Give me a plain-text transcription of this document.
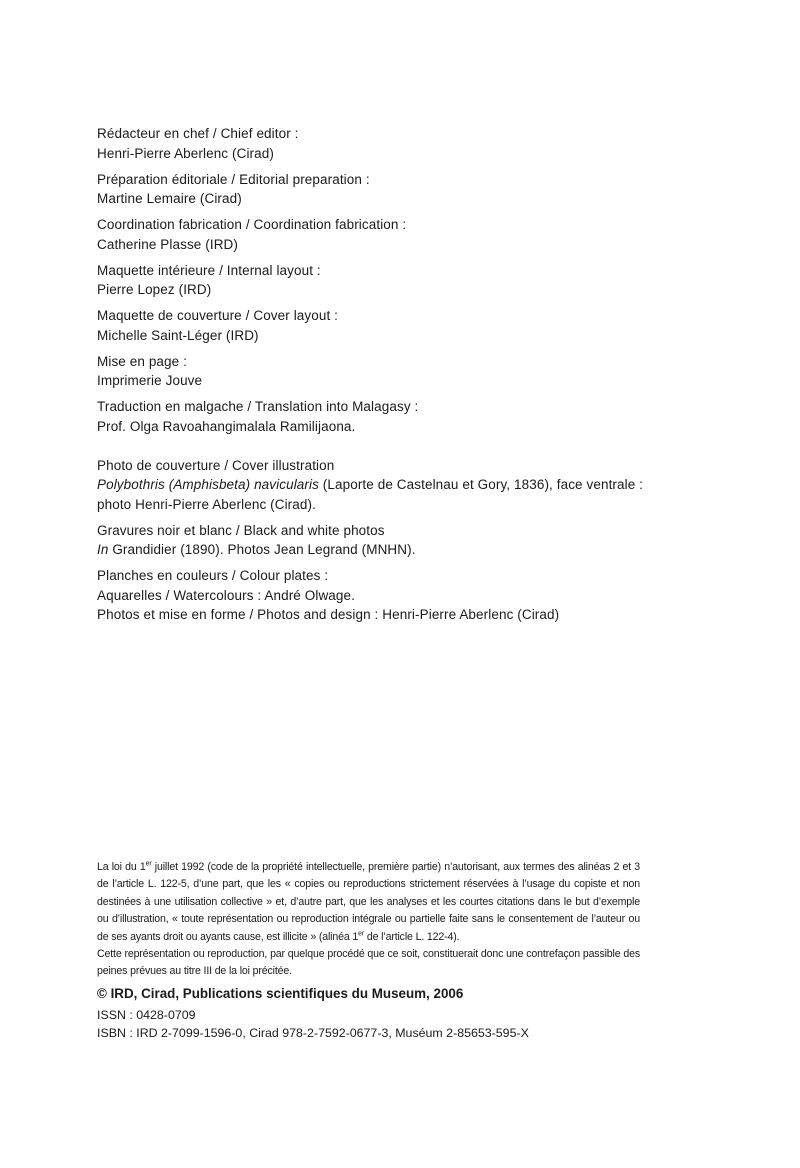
Rédacteur en chef / Chief editor :
Henri-Pierre Aberlenc (Cirad)
Préparation éditoriale / Editorial preparation :
Martine Lemaire (Cirad)
Coordination fabrication / Coordination fabrication :
Catherine Plasse (IRD)
Maquette intérieure / Internal layout :
Pierre Lopez (IRD)
Maquette de couverture / Cover layout :
Michelle Saint-Léger (IRD)
Mise en page :
Imprimerie Jouve
Traduction en malgache / Translation into Malagasy :
Prof. Olga Ravoahangimalala Ramilijaona.
Photo de couverture / Cover illustration
Polybothris (Amphisbeta) navicularis (Laporte de Castelnau et Gory, 1836), face ventrale :
photo Henri-Pierre Aberlenc (Cirad).
Gravures noir et blanc / Black and white photos
In Grandidier (1890). Photos Jean Legrand (MNHN).
Planches en couleurs / Colour plates :
Aquarelles / Watercolours : André Olwage.
Photos et mise en forme / Photos and design : Henri-Pierre Aberlenc (Cirad)

La loi du 1er juillet 1992 (code de la propriété intellectuelle, première partie) n’autorisant, aux termes des alinéas 2 et 3 de l’article L. 122-5, d’une part, que les « copies ou reproductions strictement réservées à l’usage du copiste et non destinées à une utilisation collective » et, d’autre part, que les analyses et les courtes citations dans le but d’exemple ou d’illustration, « toute représentation ou reproduction intégrale ou partielle faite sans le consentement de l’auteur ou de ses ayants droit ou ayants cause, est illicite » (alinéa 1er de l’article L. 122-4).

Cette représentation ou reproduction, par quelque procédé que ce soit, constituerait donc une contrefaçon passible des peines prévues au titre III de la loi précitée.

© IRD, Cirad, Publications scientifiques du Museum, 2006
ISSN : 0428-0709
ISBN : IRD 2-7099-1596-0, Cirad 978-2-7592-0677-3, Muséum 2-85653-595-X
